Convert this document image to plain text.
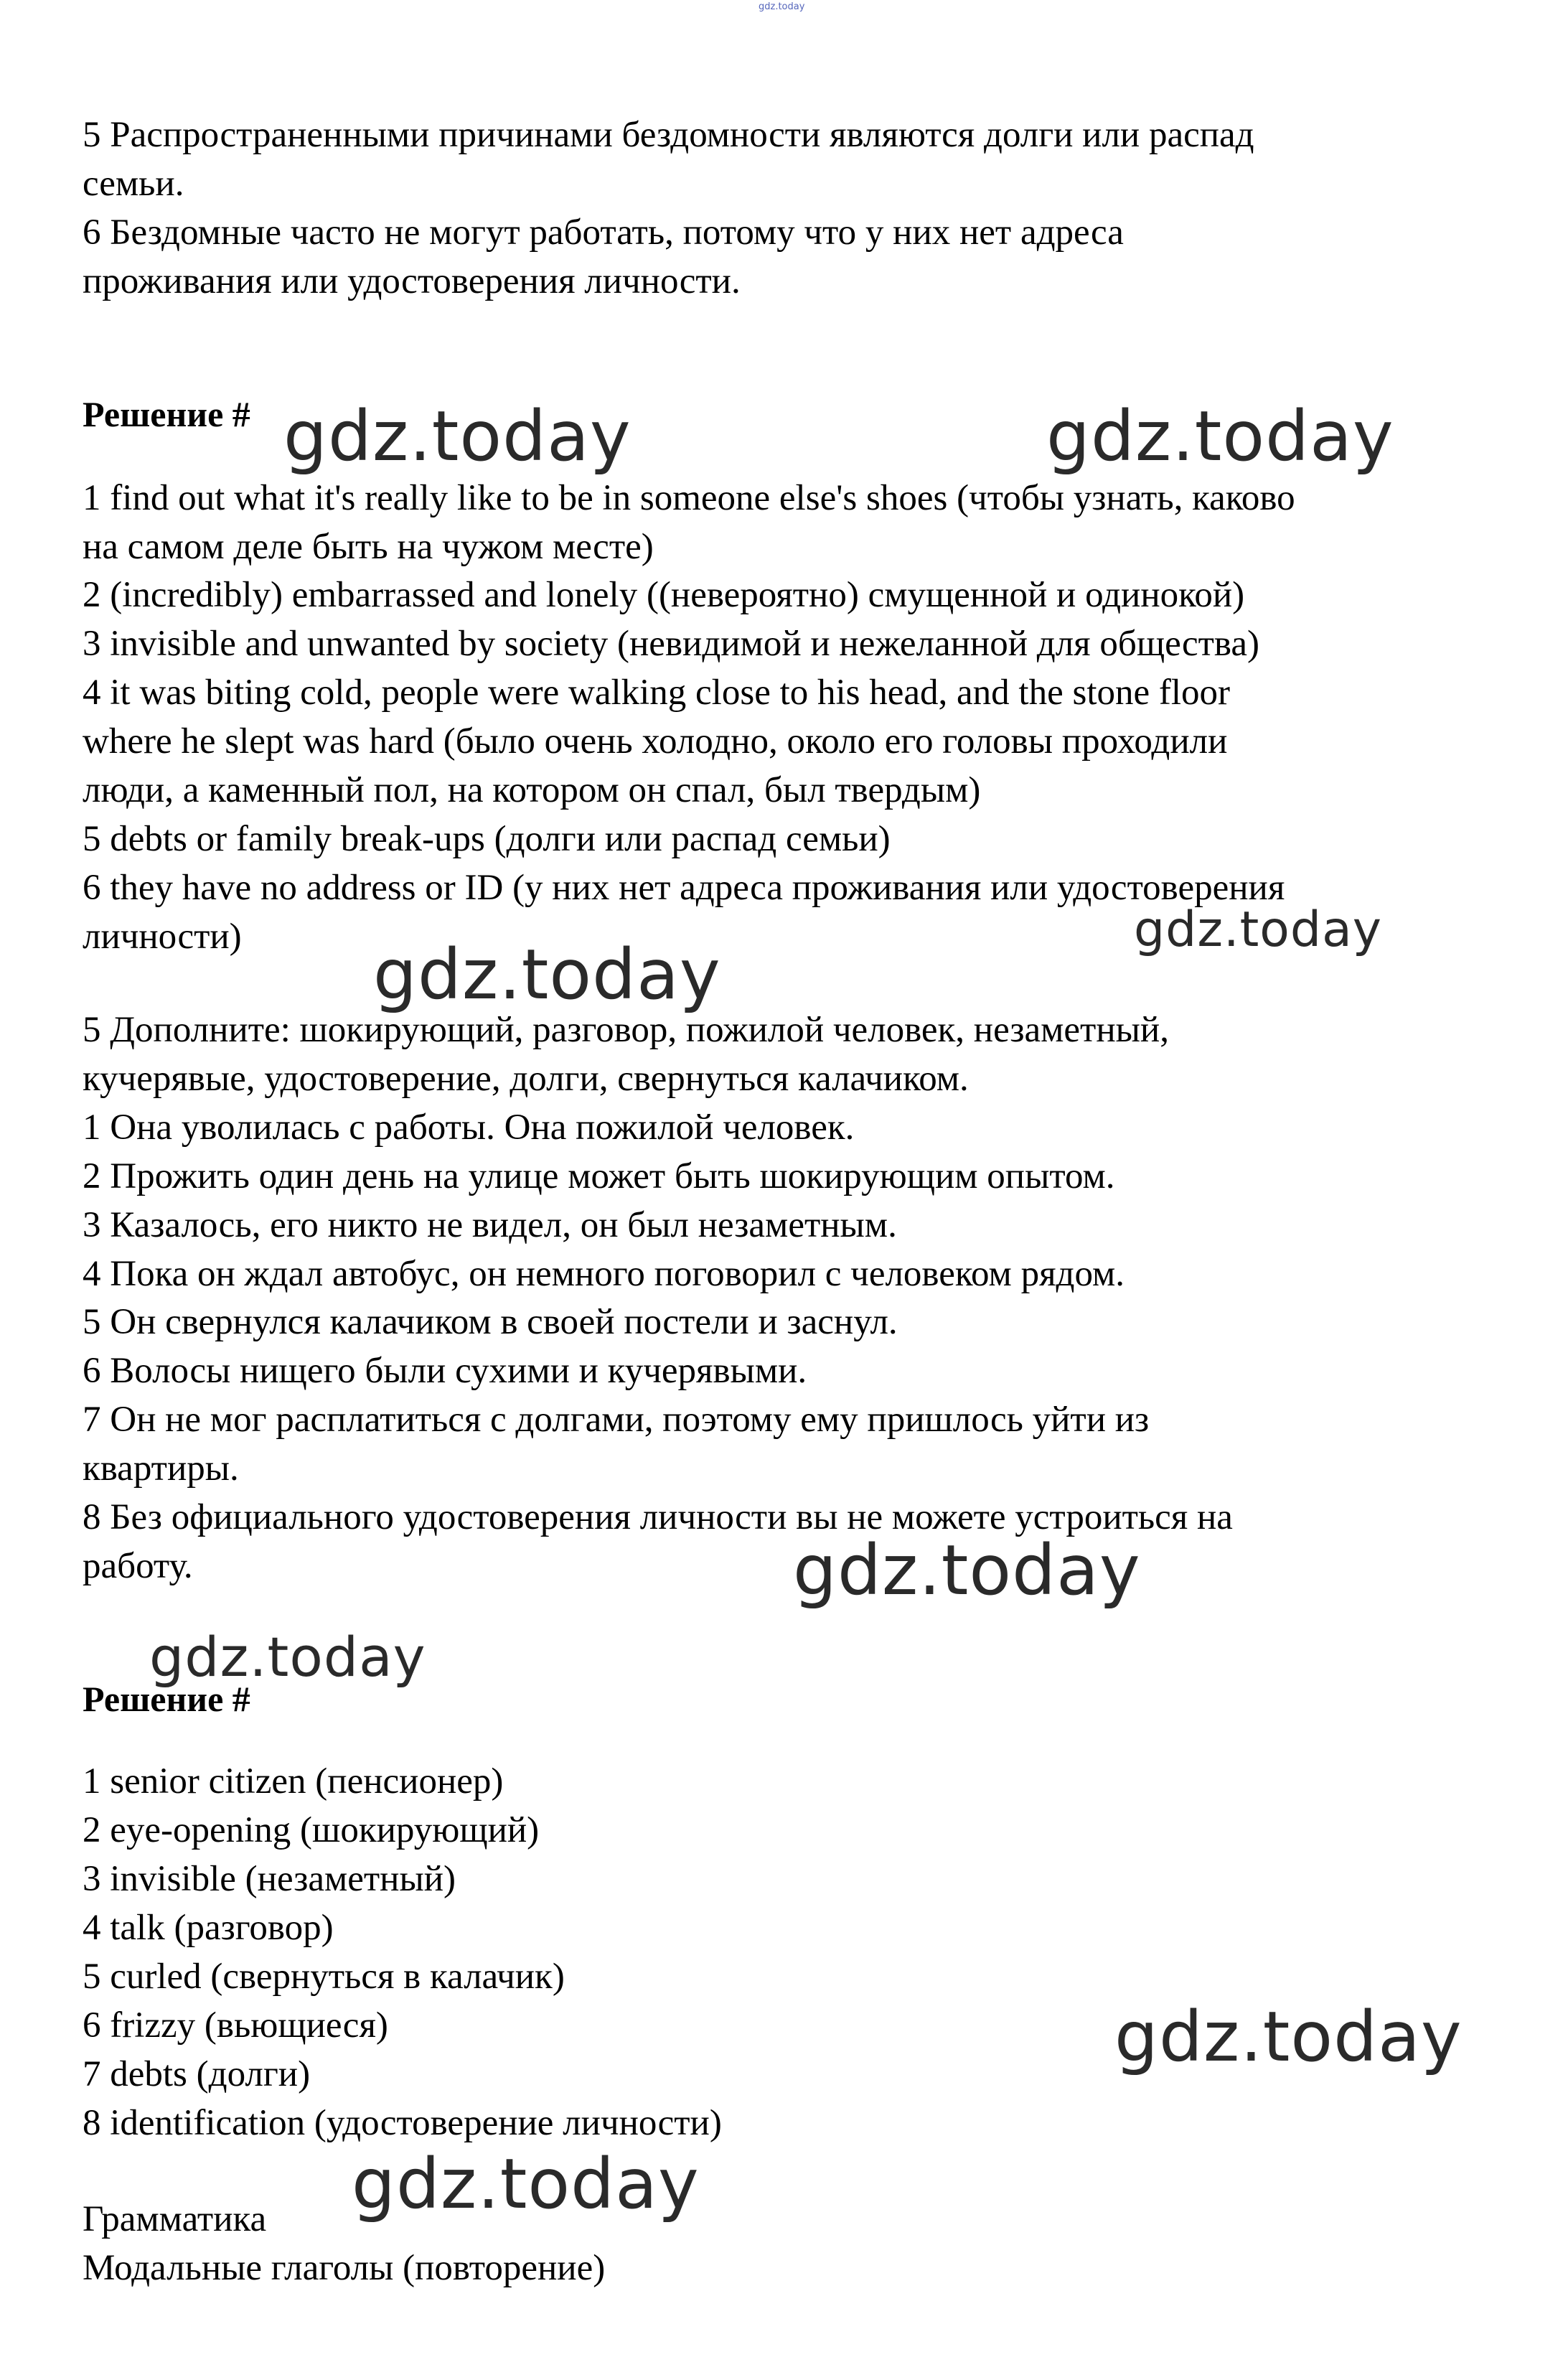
gdz.today

5 Распространенными причинами бездомности являются долги или распад

семьи.

6 Бездомные часто не могут работать, потому что у них нет адреса

проживания или удостоверения личности.

Решение #

1 find out what it's really like to be in someone else's shoes (чтобы узнать, каково

на самом деле быть на чужом месте)

2 (incredibly) embarrassed and lonely ((невероятно) смущенной и одинокой)

3 invisible and unwanted by society (невидимой и нежеланной для общества)

4 it was biting cold, people were walking close to his head, and the stone floor

where he slept was hard (было очень холодно, около его головы проходили

люди, а каменный пол, на котором он спал, был твердым)

5 debts or family break-ups (долги или распад семьи)

6 they have no address or ID (у них нет адреса проживания или удостоверения

личности)

5 Дополните: шокирующий, разговор, пожилой человек, незаметный,

кучерявые, удостоверение, долги, свернуться калачиком.

1 Она уволилась с работы. Она пожилой человек.

2 Прожить один день на улице может быть шокирующим опытом.

3 Казалось, его никто не видел, он был незаметным.

4 Пока он ждал автобус, он немного поговорил с человеком рядом.

5 Он свернулся калачиком в своей постели и заснул.

6 Волосы нищего были сухими и кучерявыми.

7 Он не мог расплатиться с долгами, поэтому ему пришлось уйти из

квартиры.

8 Без официального удостоверения личности вы не можете устроиться на

работу.

Решение #

1 senior citizen (пенсионер)

2 eye-opening (шокирующий)

3 invisible (незаметный)

4 talk (разговор)

5 curled (свернуться в калачик)

6 frizzy (вьющиеся)

7 debts (долги)

8 identification (удостоверение личности)

Грамматика

Модальные глаголы (повторение)

gdz.today	gdz.today
gdz.today
gdz.today
gdz.today
gdz.today
gdz.today
gdz.today
